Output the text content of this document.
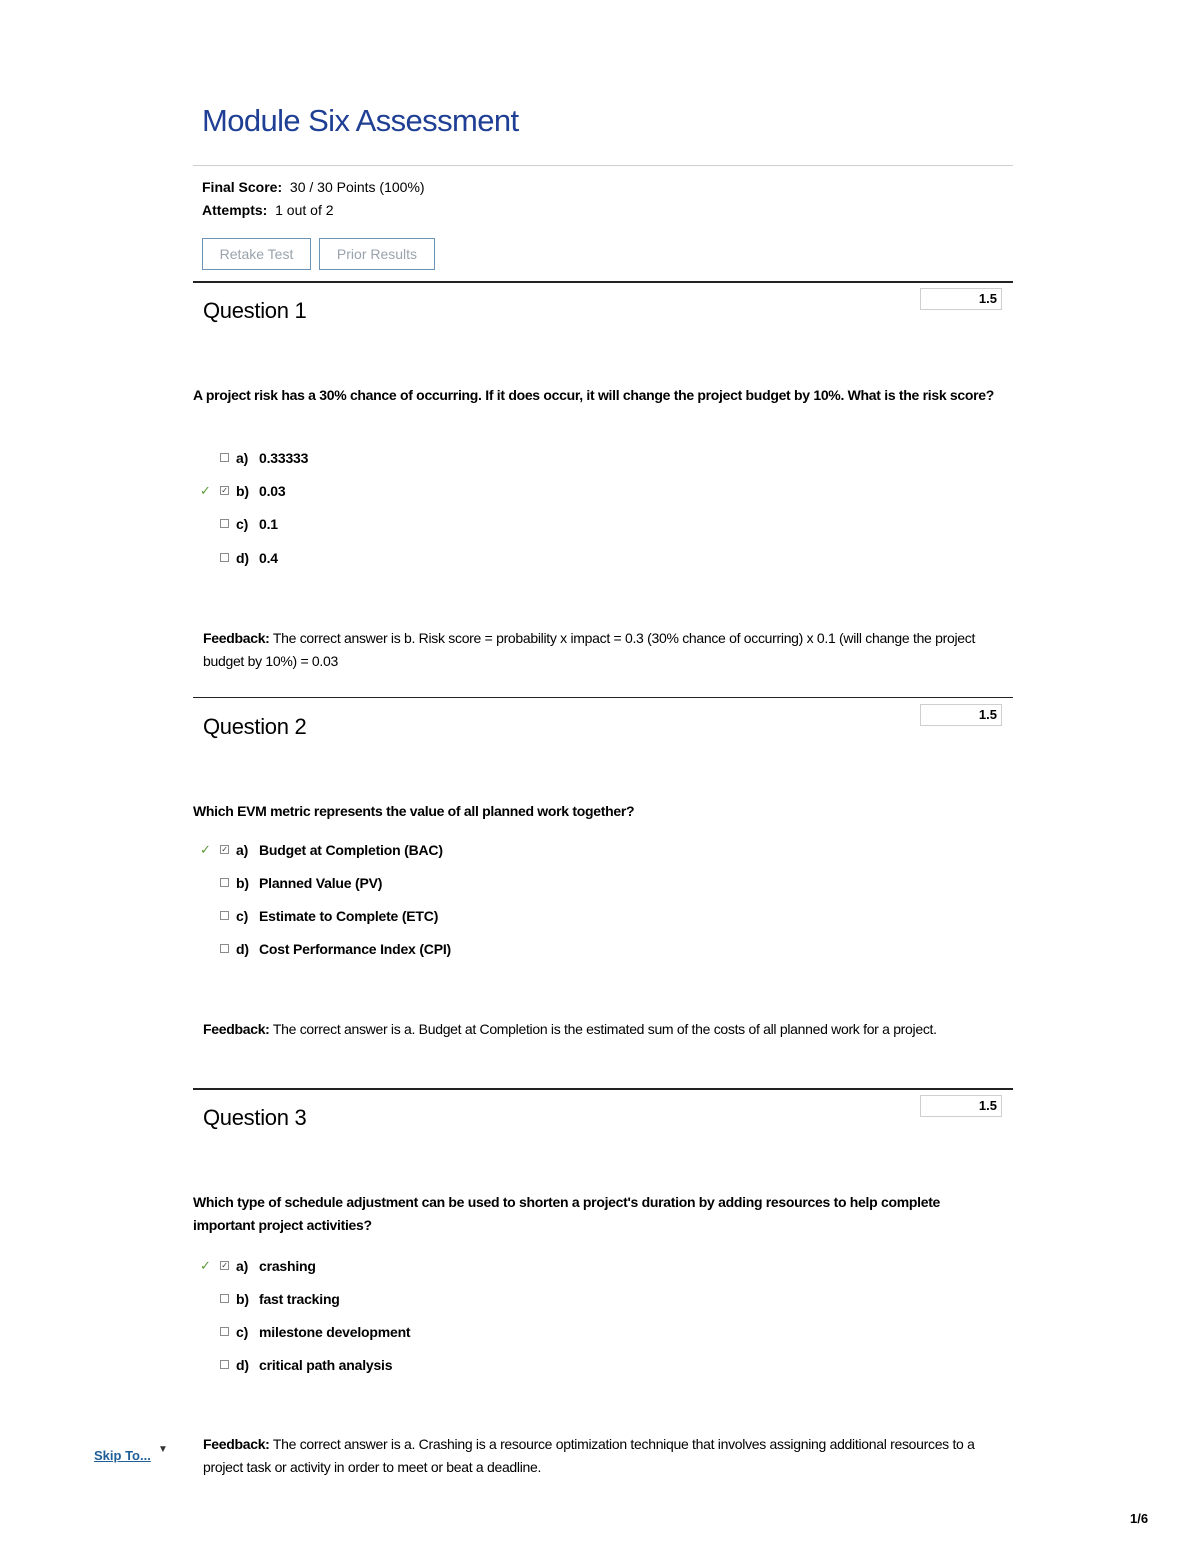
Module Six Assessment
Final Score: 30 / 30 Points (100%)
Attempts: 1 out of 2
Retake Test	Prior Results
Question 1	1.5
A project risk has a 30% chance of occurring. If it does occur, it will change the project budget by 10%. What is the risk score?
a) 0.33333
✓	✓ b) 0.03
c) 0.1
d) 0.4
Feedback: The correct answer is b. Risk score = probability x impact = 0.3 (30% chance of occurring) x 0.1 (will change the project budget by 10%) = 0.03
Question 2	1.5
Which EVM metric represents the value of all planned work together?
✓	✓ a) Budget at Completion (BAC)
b) Planned Value (PV)
c) Estimate to Complete (ETC)
d) Cost Performance Index (CPI)
Feedback: The correct answer is a. Budget at Completion is the estimated sum of the costs of all planned work for a project.
Question 3	1.5
Which type of schedule adjustment can be used to shorten a project's duration by adding resources to help complete important project activities?
✓	✓ a) crashing
b) fast tracking
c) milestone development
d) critical path analysis
Feedback: The correct answer is a. Crashing is a resource optimization technique that involves assigning additional resources to a project task or activity in order to meet or beat a deadline.
Skip To... ▼
1/6
